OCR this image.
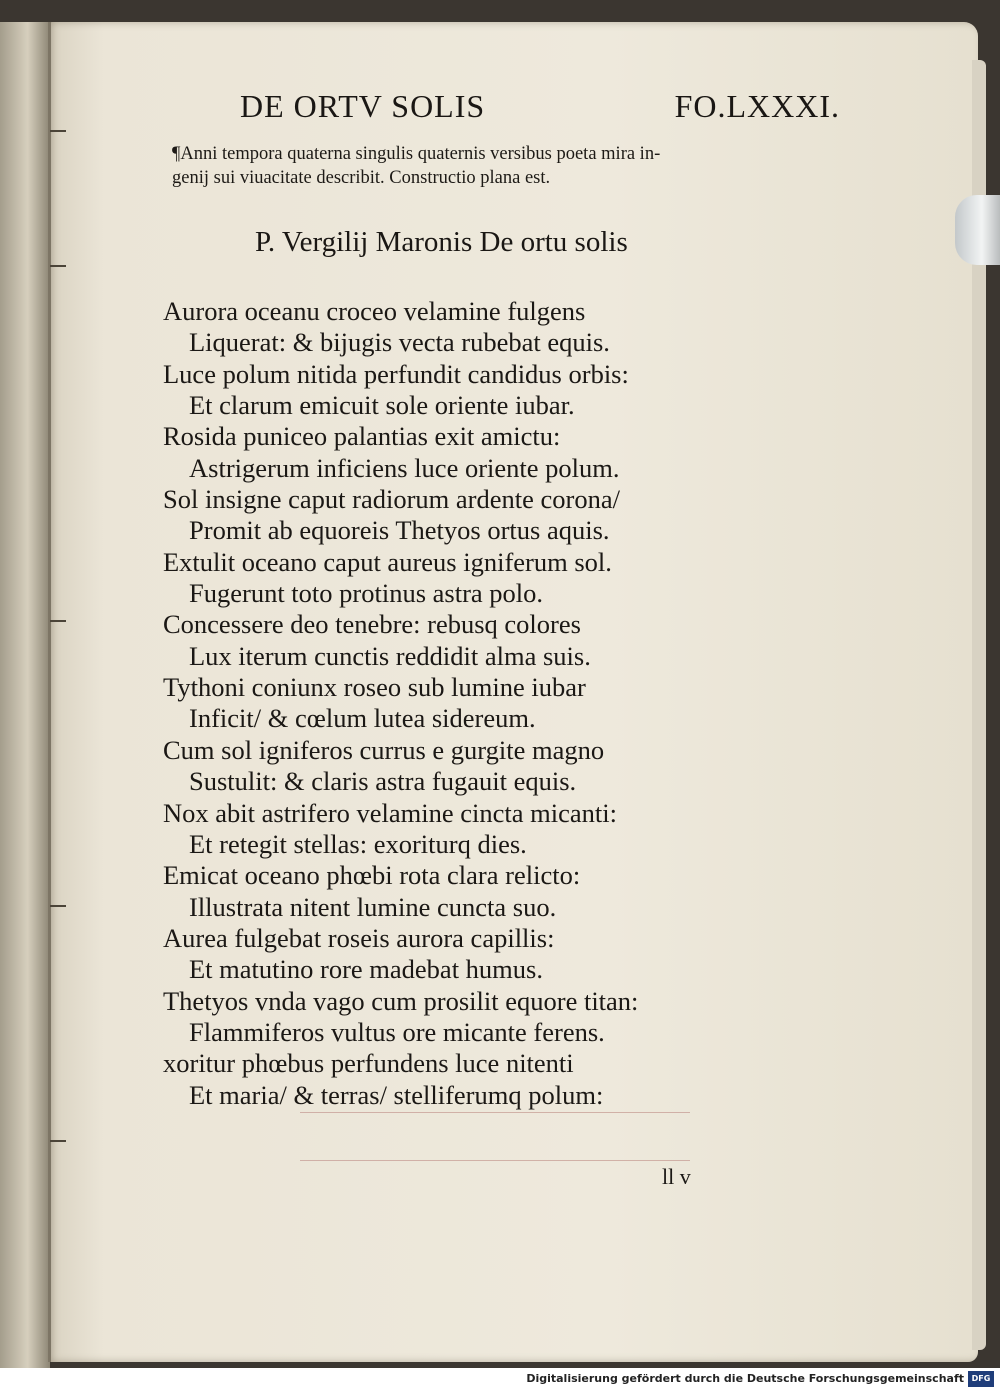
DE ORTV SOLIS	FO.LXXXI.
¶Anni tempora quaterna singulis quaternis versibus poeta mira in-
genij sui viuacitate describit. Constructio plana est.
P. Vergilij Maronis De ortu solis
Aurora oceanu croceo velamine fulgens
Liquerat: & bijugis vecta rubebat equis.
Luce polum nitida perfundit candidus orbis:
Et clarum emicuit sole oriente iubar.
Rosida puniceo palantias exit amictu:
Astrigerum inficiens luce oriente polum.
Sol insigne caput radiorum ardente corona/
Promit ab equoreis Thetyos ortus aquis.
Extulit oceano caput aureus igniferum sol.
Fugerunt toto protinus astra polo.
Concessere deo tenebre: rebusq colores
Lux iterum cunctis reddidit alma suis.
Tythoni coniunx roseo sub lumine iubar
Inficit/ & cœlum lutea sidereum.
Cum sol igniferos currus e gurgite magno
Sustulit: & claris astra fugauit equis.
Nox abit astrifero velamine cincta micanti:
Et retegit stellas: exoriturq dies.
Emicat oceano phœbi rota clara relicto:
Illustrata nitent lumine cuncta suo.
Aurea fulgebat roseis aurora capillis:
Et matutino rore madebat humus.
Thetyos vnda vago cum prosilit equore titan:
Flammiferos vultus ore micante ferens.
xoritur phœbus perfundens luce nitenti
Et maria/ & terras/ stelliferumq polum:
ll v
Digitalisierung gefördert durch die Deutsche Forschungsgemeinschaft DFG
